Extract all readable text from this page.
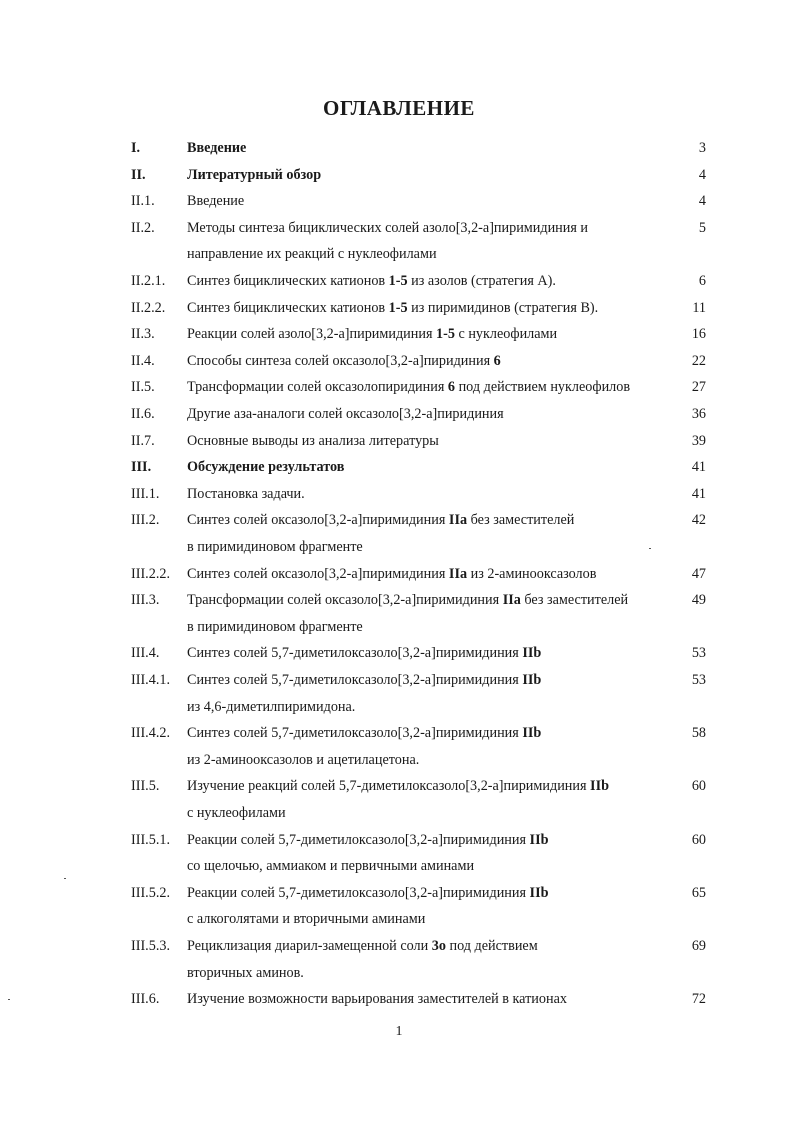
ОГЛАВЛЕНИЕ
I.	Введение	3
II.	Литературный обзор	4
II.1. Введение	4
II.2. Методы синтеза бициклических солей азоло[3,2-а]пиримидиния и	5
направление их реакций с нуклеофилами
II.2.1. Синтез бициклических катионов 1-5 из азолов (стратегия А).	6
II.2.2. Синтез бициклических катионов 1-5 из пиримидинов (стратегия В).	11
II.3. Реакции солей азоло[3,2-а]пиримидиния 1-5 с нуклеофилами	16
II.4. Способы синтеза солей оксазоло[3,2-а]пиридиния 6	22
II.5. Трансформации солей оксазолопиридиния 6 под действием нуклеофилов	27
II.6. Другие аза-аналоги солей оксазоло[3,2-а]пиридиния	36
II.7. Основные выводы из анализа литературы	39
III.	Обсуждение результатов	41
III.1. Постановка задачи.	41
III.2. Синтез солей оксазоло[3,2-а]пиримидиния IIa без заместителей	42
в пиримидиновом фрагменте
III.2.2. Синтез солей оксазоло[3,2-а]пиримидиния IIa из 2-аминооксазолов	47
III.3. Трансформации солей оксазоло[3,2-а]пиримидиния IIa без заместителей	49
в пиримидиновом фрагменте
III.4. Синтез солей 5,7-диметилоксазоло[3,2-а]пиримидиния IIb	53
III.4.1. Синтез солей 5,7-диметилоксазоло[3,2-а]пиримидиния IIb	53
из 4,6-диметилпиримидона.
III.4.2. Синтез солей 5,7-диметилоксазоло[3,2-а]пиримидиния IIb	58
из 2-аминооксазолов и ацетилацетона.
III.5. Изучение реакций солей 5,7-диметилоксазоло[3,2-а]пиримидиния IIb	60
с нуклеофилами
III.5.1. Реакции солей 5,7-диметилоксазоло[3,2-а]пиримидиния IIb	60
со щелочью, аммиаком и первичными аминами
III.5.2. Реакции солей 5,7-диметилоксазоло[3,2-а]пиримидиния IIb	65
с алкоголятами и вторичными аминами
III.5.3. Рециклизация диарил-замещенной соли 3o под действием	69
вторичных аминов.
III.6. Изучение возможности варьирования заместителей в катионах	72
1
